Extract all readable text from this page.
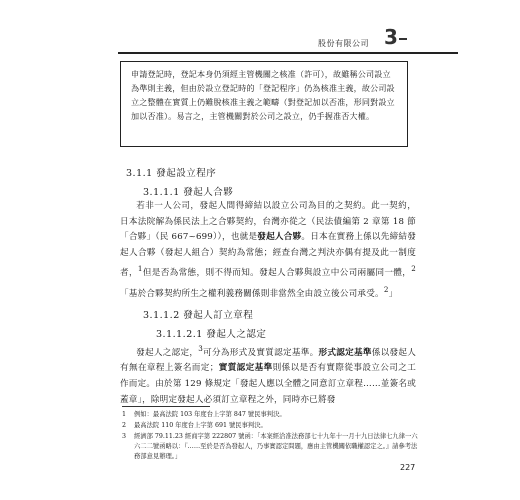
3
股份有限公司

申請登記時，登記本身仍須經主管機關之核准（許可），故雖稱公司設立為準則主義，但由於設立登記時的「登記程序」仍為核准主義，故公司設立之整體在實質上仍難脫核准主義之範疇（對登記加以否准，形同對設立加以否准）。易言之，主管機關對於公司之設立，仍手握准否大權。

3.1.1 發起設立程序
3.1.1.1 發起人合夥

若非一人公司，發起人間得締結以設立公司為目的之契約。此一契約，日本法院解為係民法上之合夥契約，台灣亦從之（民法債編第 2 章第 18 節「合夥」（民 667~699）），也就是發起人合夥。日本在實務上係以先締結發起人合夥（發起人組合）契約為常態；經查台灣之判決亦偶有提及此一制度者，$^1$但是否為常態，則不得而知。發起人合夥與設立中公司兩屬同一體，$^2$「基於合夥契約所生之權利義務關係則非當然全由設立後公司承受。$^2$」

3.1.1.2 發起人訂立章程
3.1.1.2.1 發起人之認定

發起人之認定，$^3$可分為形式及實質認定基準。形式認定基準係以發起人有無在章程上簽名而定；實質認定基準則係以是否有實際從事設立公司之工作而定。由於第 129 條規定「發起人應以全體之同意訂立章程……並簽名或蓋章」，除明定發起人必須訂立章程之外，同時亦已將發

1 例如：最高法院 103 年度台上字第 847 號民事判決。

2 最高法院 110 年度台上字第 691 號民事判決。

3 經濟部 79.11.23 經商字第 222807 號函：「本案經洽准法務部七十九年十一月十九日法律七九律一六六二二號函略以：『……至於是否為發起人，乃事實認定問題，應由主管機關依職權認定之。』請參考法務部意見辦理。」

227
